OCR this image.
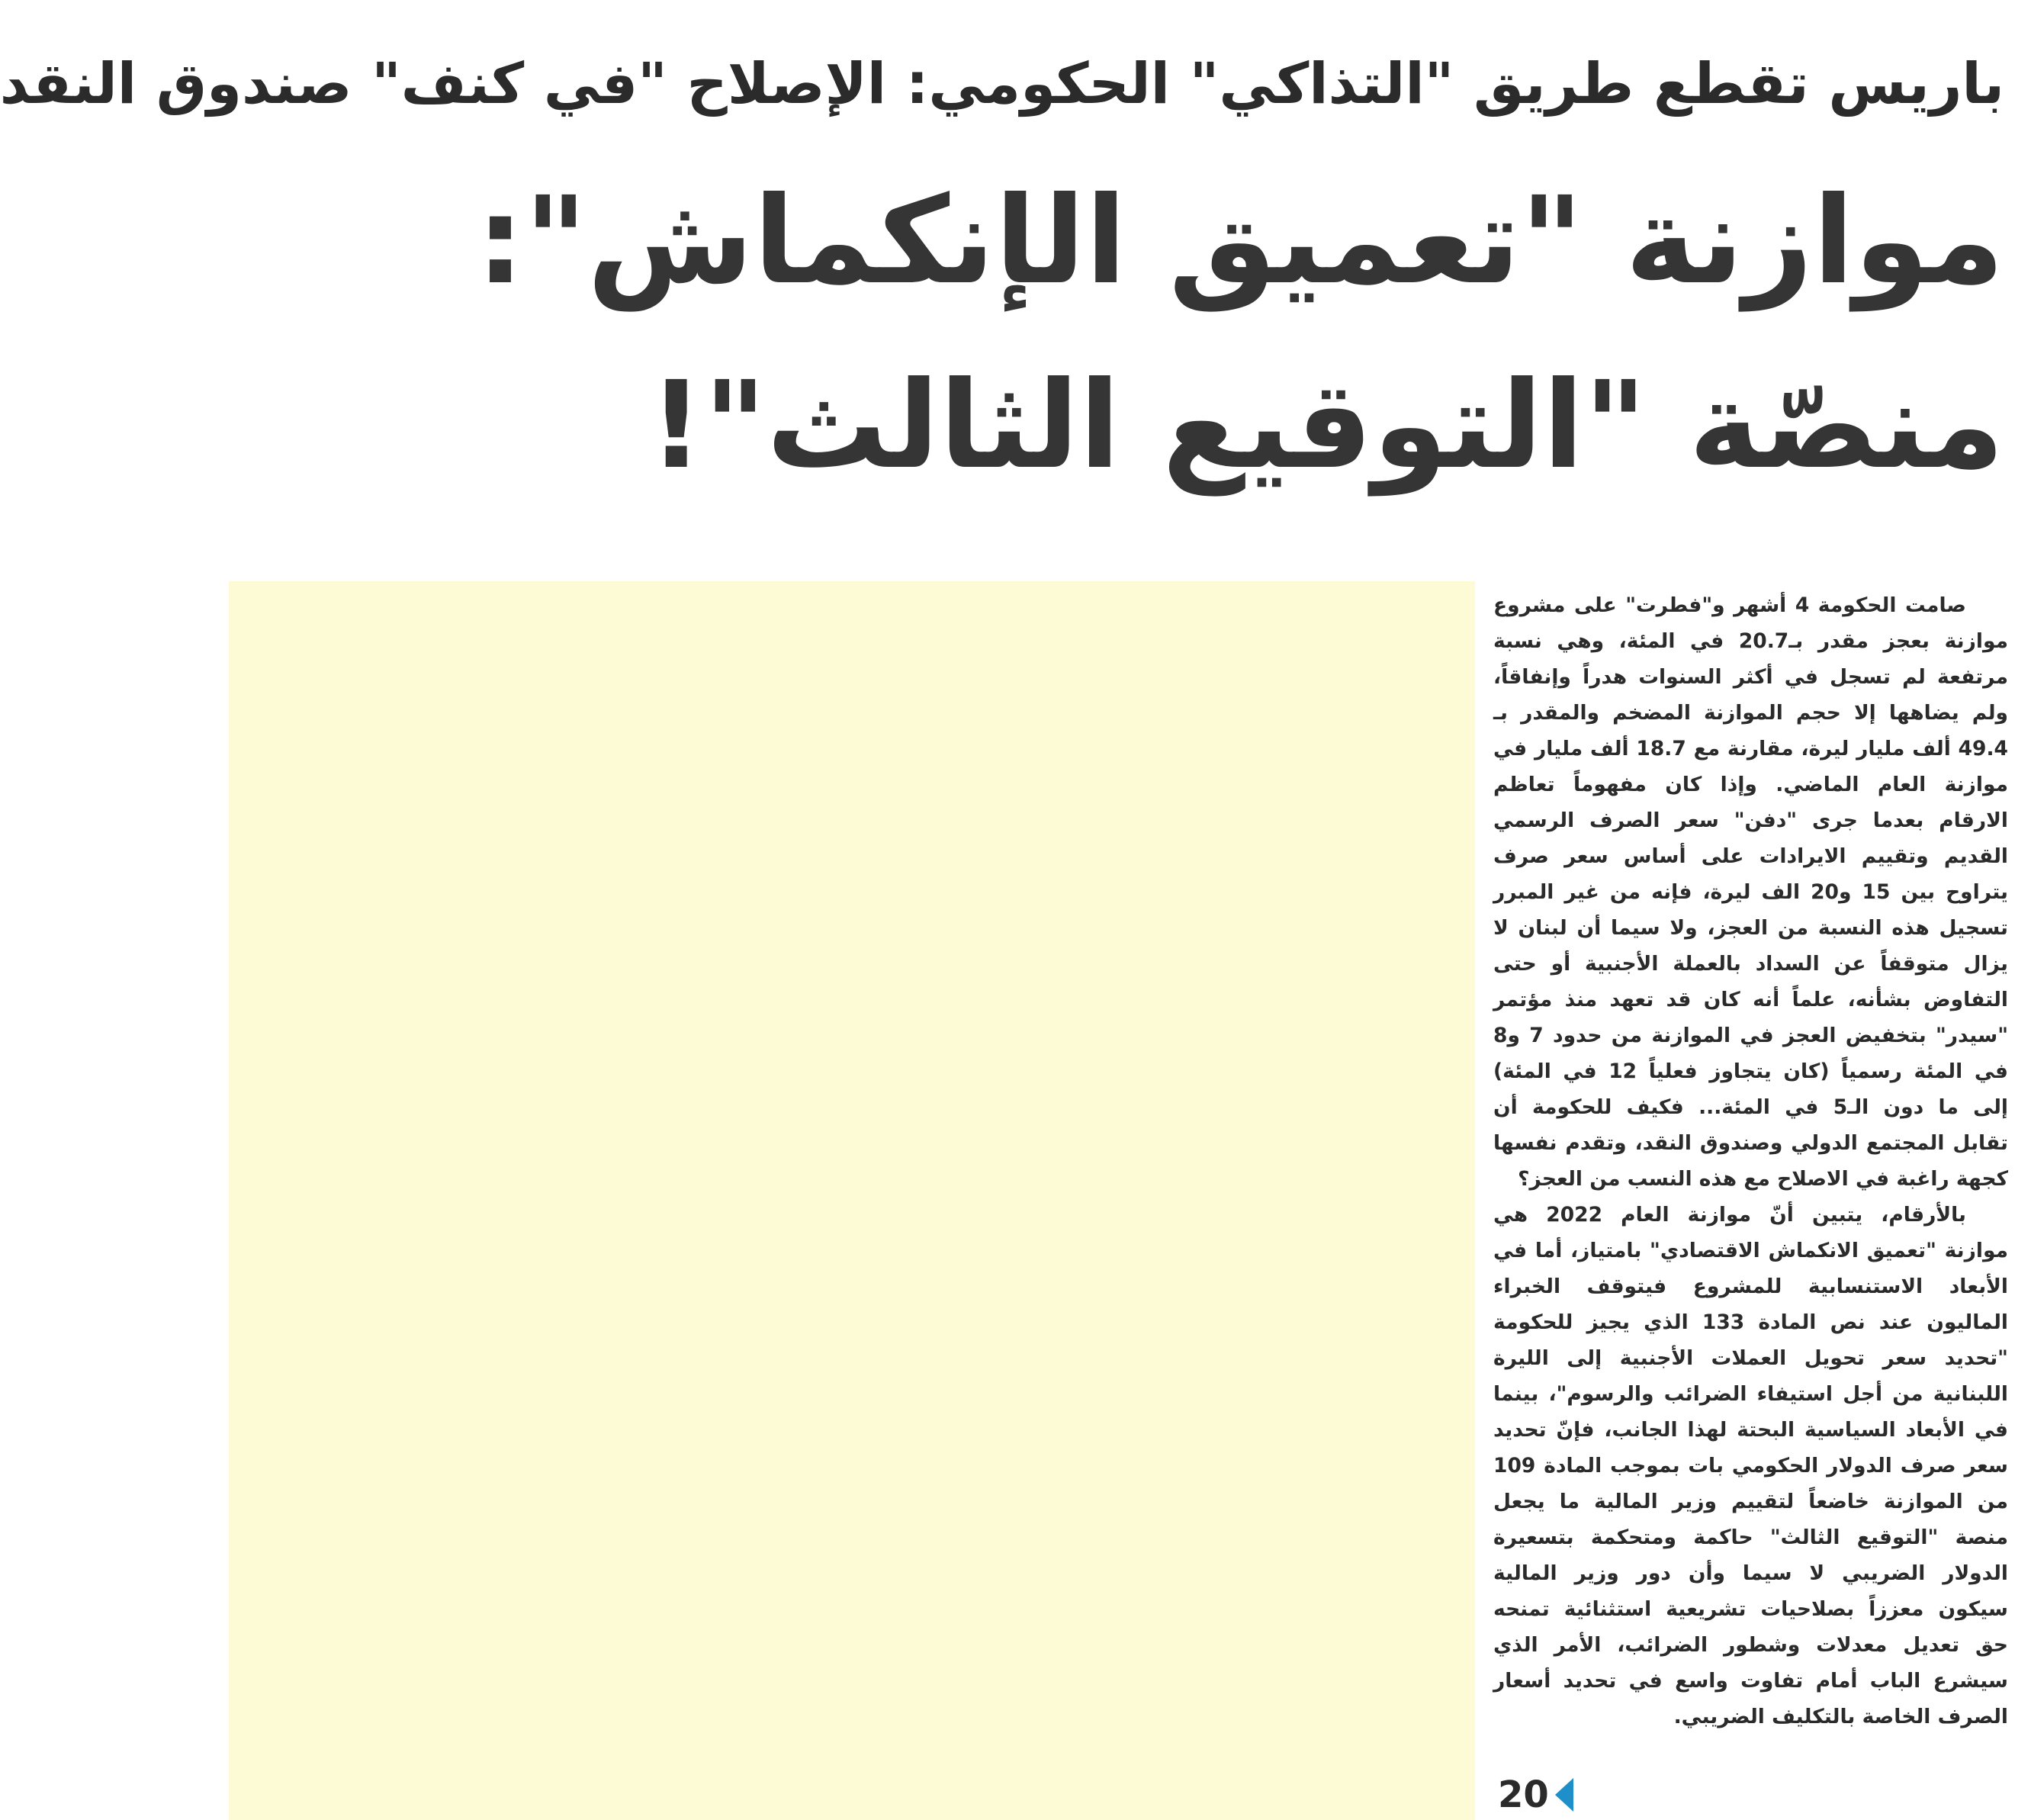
باريس تقطع طريق "التذاكي" الحكومي: الإصلاح "في كنف" صندوق النقد
موازنة "تعميق الإنكماش":
منصّة "التوقيع الثالث"!

صامت الحكومة 4 أشهر و"فطرت" على مشروع موازنة بعجز مقدر بـ20.7 في المئة، وهي نسبة مرتفعة لم تسجل في أكثر السنوات هدراً وإنفاقاً، ولم يضاهها إلا حجم الموازنة المضخم والمقدر بـ 49.4 ألف مليار ليرة، مقارنة مع 18.7 ألف مليار في موازنة العام الماضي. وإذا كان مفهوماً تعاظم الارقام بعدما جرى "دفن" سعر الصرف الرسمي القديم وتقييم الايرادات على أساس سعر صرف يتراوح بين 15 و20 الف ليرة، فإنه من غير المبرر تسجيل هذه النسبة من العجز، ولا سيما أن لبنان لا يزال متوقفاً عن السداد بالعملة الأجنبية أو حتى التفاوض بشأنه، علماً أنه كان قد تعهد منذ مؤتمر "سيدر" بتخفيض العجز في الموازنة من حدود 7 و8 في المئة رسمياً (كان يتجاوز فعلياً 12 في المئة) إلى ما دون الـ5 في المئة... فكيف للحكومة أن تقابل المجتمع الدولي وصندوق النقد، وتقدم نفسها كجهة راغبة في الاصلاح مع هذه النسب من العجز؟

بالأرقام، يتبين أنّ موازنة العام 2022 هي موازنة "تعميق الانكماش الاقتصادي" بامتياز، أما في الأبعاد الاستنسابية للمشروع فيتوقف الخبراء الماليون عند نص المادة 133 الذي يجيز للحكومة "تحديد سعر تحويل العملات الأجنبية إلى الليرة اللبنانية من أجل استيفاء الضرائب والرسوم"، بينما في الأبعاد السياسية البحتة لهذا الجانب، فإنّ تحديد سعر صرف الدولار الحكومي بات بموجب المادة 109 من الموازنة خاضعاً لتقييم وزير المالية ما يجعل منصة "التوقيع الثالث" حاكمة ومتحكمة بتسعيرة الدولار الضريبي لا سيما وأن دور وزير المالية سيكون معززاً بصلاحيات تشريعية استثنائية تمنحه حق تعديل معدلات وشطور الضرائب، الأمر الذي سيشرع الباب أمام تفاوت واسع في تحديد أسعار الصرف الخاصة بالتكليف الضريبي.

20
